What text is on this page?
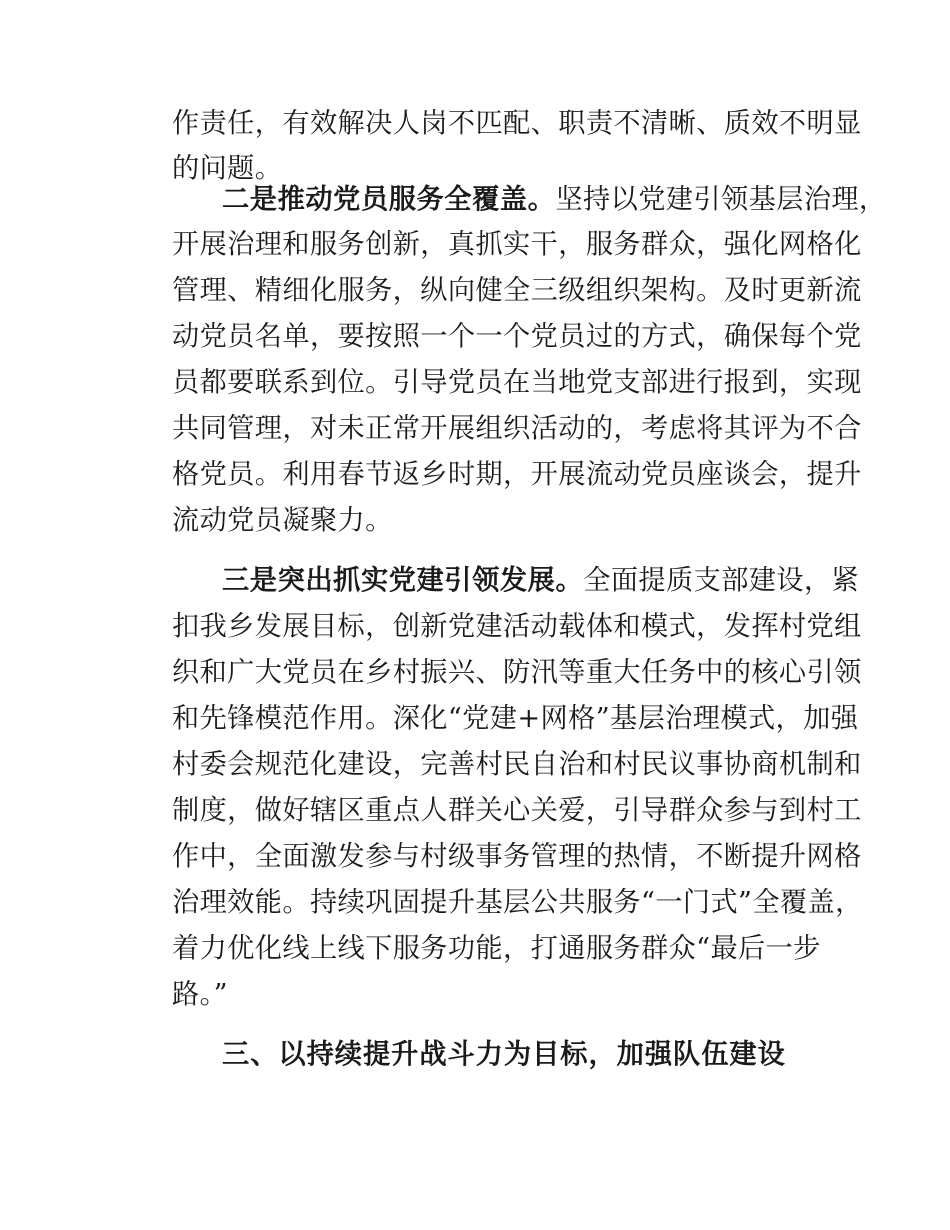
作责任，有效解决人岗不匹配、职责不清晰、质效不明显
的问题。
二是推动党员服务全覆盖。坚持以党建引领基层治理，
开展治理和服务创新，真抓实干，服务群众，强化网格化
管理、精细化服务，纵向健全三级组织架构。及时更新流
动党员名单，要按照一个一个党员过的方式，确保每个党
员都要联系到位。引导党员在当地党支部进行报到，实现
共同管理，对未正常开展组织活动的，考虑将其评为不合
格党员。利用春节返乡时期，开展流动党员座谈会，提升
流动党员凝聚力。
三是突出抓实党建引领发展。全面提质支部建设，紧
扣我乡发展目标，创新党建活动载体和模式，发挥村党组
织和广大党员在乡村振兴、防汛等重大任务中的核心引领
和先锋模范作用。深化“党建+网格”基层治理模式，加强
村委会规范化建设，完善村民自治和村民议事协商机制和
制度，做好辖区重点人群关心关爱，引导群众参与到村工
作中，全面激发参与村级事务管理的热情，不断提升网格
治理效能。持续巩固提升基层公共服务“一门式”全覆盖，
着力优化线上线下服务功能，打通服务群众“最后一步
路。”
三、以持续提升战斗力为目标，加强队伍建设
